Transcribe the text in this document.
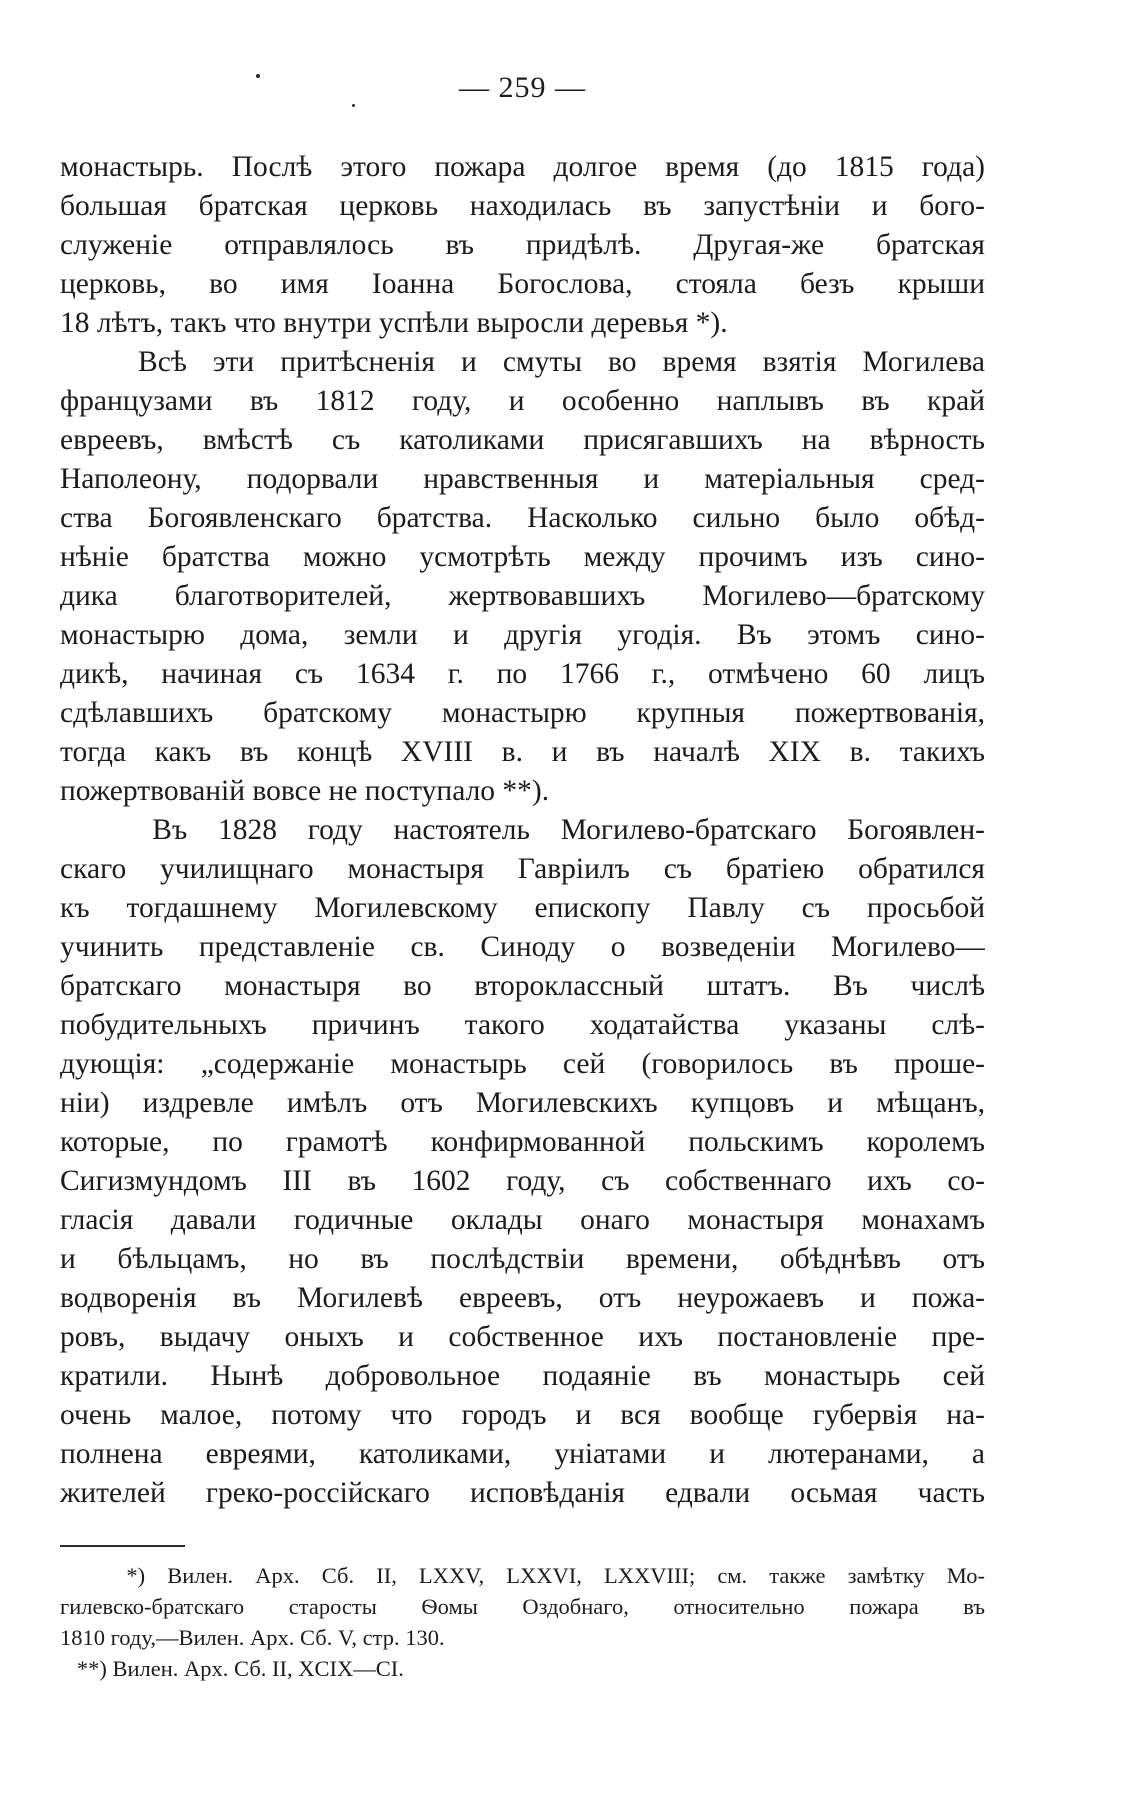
— 259 —
монастырь. Послѣ этого пожара долгое время (до 1815 года)
большая братская церковь находилась въ запустѣніи и бого-
служеніе отправлялось въ придѣлѣ. Другая-же братская
церковь, во имя Іоанна Богослова, стояла безъ крыши
18 лѣтъ, такъ что внутри успѣли выросли деревья *).
Всѣ эти притѣсненія и смуты во время взятія Могилева
французами въ 1812 году, и особенно наплывъ въ край
евреевъ, вмѣстѣ съ католиками присягавшихъ на вѣрность
Наполеону, подорвали нравственныя и матеріальныя сред-
ства Богоявленскаго братства. Насколько сильно было обѣд-
нѣніе братства можно усмотрѣть между прочимъ изъ сино-
дика благотворителей, жертвовавшихъ Могилево—братскому
монастырю дома, земли и другія угодія. Въ этомъ сино-
дикѣ, начиная съ 1634 г. по 1766 г., отмѣчено 60 лицъ
сдѣлавшихъ братскому монастырю крупныя пожертвованія,
тогда какъ въ концѣ XVIII в. и въ началѣ XIX в. такихъ
пожертвованій вовсе не поступало **).
Въ 1828 году настоятель Могилево-братскаго Богоявлен-
скаго училищнаго монастыря Гавріилъ съ братіею обратился
къ тогдашнему Могилевскому епископу Павлу съ просьбой
учинить представленіе св. Синоду о возведеніи Могилево—
братскаго монастыря во второклассный штатъ. Въ числѣ
побудительныхъ причинъ такого ходатайства указаны слѣ-
дующія: „содержаніе монастырь сей (говорилось въ проше-
ніи) издревле имѣлъ отъ Могилевскихъ купцовъ и мѣщанъ,
которые, по грамотѣ конфирмованной польскимъ королемъ
Сигизмундомъ III въ 1602 году, съ собственнаго ихъ со-
гласія давали годичные оклады онаго монастыря монахамъ
и бѣльцамъ, но въ послѣдствіи времени, обѣднѣвъ отъ
водворенія въ Могилевѣ евреевъ, отъ неурожаевъ и пожа-
ровъ, выдачу оныхъ и собственное ихъ постановленіе пре-
кратили. Нынѣ добровольное подаяніе въ монастырь сей
очень малое, потому что городъ и вся вообще губервія на-
полнена евреями, католиками, уніатами и лютеранами, а
жителей греко-россійскаго исповѣданія едвали осьмая часть
*) Вилен. Арх. Сб. II, LXXV, LXXVI, LXXVIII; см. также замѣтку Мо-
гилевско-братскаго старосты Ѳомы Оздобнаго, относительно пожара въ
1810 году,—Вилен. Арх. Сб. V, стр. 130.
**) Вилен. Арх. Сб. II, XCIX—CI.
